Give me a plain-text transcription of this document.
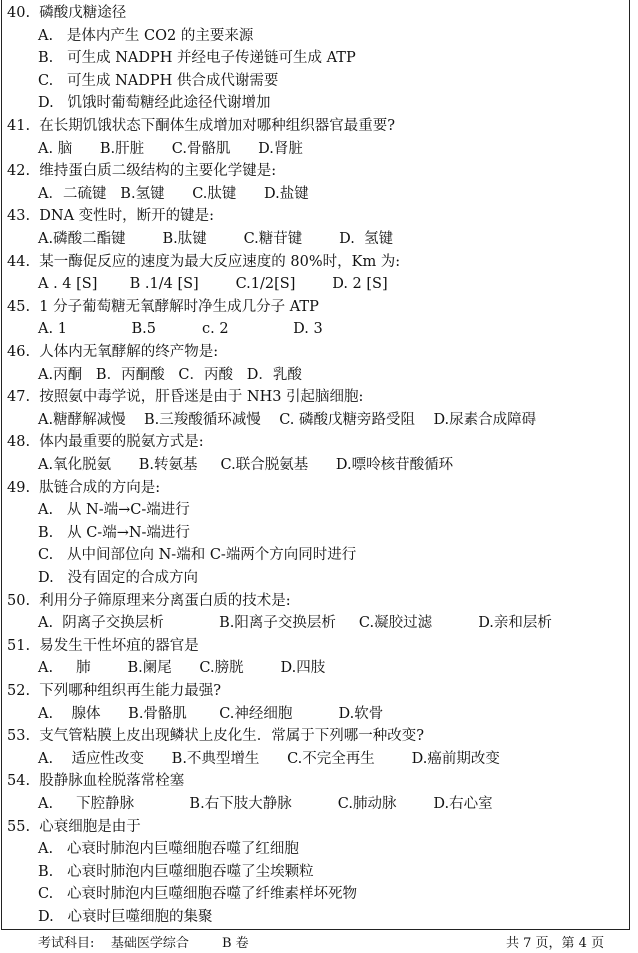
40.  磷酸戊糖途径
A.   是体内产生 CO2 的主要来源
B.   可生成 NADPH 并经电子传递链可生成 ATP
C.   可生成 NADPH 供合成代谢需要
D.   饥饿时葡萄糖经此途径代谢增加
41.  在长期饥饿状态下酮体生成增加对哪种组织器官最重要?
A. 脑      B.肝脏      C.骨骼肌      D.肾脏
42.  维持蛋白质二级结构的主要化学键是:
A．二硫键   B.氢键      C.肽键      D.盐键
43.  DNA 变性时，断开的键是:
A.磷酸二酯键        B.肽键        C.糖苷键        D.  氢键
44.  某一酶促反应的速度为最大反应速度的 80%时，Km 为:
A . 4 [S]       B .1/4 [S]        C.1/2[S]        D. 2 [S]
45.  1 分子葡萄糖无氧酵解时净生成几分子 ATP
A. 1              B.5          c. 2              D. 3
46.  人体内无氧酵解的终产物是:
A.丙酮   B．丙酮酸   C．丙酸   D．乳酸
47.  按照氨中毒学说，肝昏迷是由于 NH3 引起脑细胞:
A.糖酵解减慢    B.三羧酸循环减慢    C. 磷酸戊糖旁路受阻    D.尿素合成障碍
48.  体内最重要的脱氨方式是:
A.氧化脱氨      B.转氨基     C.联合脱氨基      D.嘌呤核苷酸循环
49.  肽链合成的方向是:
A.   从 N-端→C-端进行
B.   从 C-端→N-端进行
C.   从中间部位向 N-端和 C-端两个方向同时进行
D.   没有固定的合成方向
50.  利用分子筛原理来分离蛋白质的技术是:
A.  阴离子交换层析            B.阳离子交换层析     C.凝胶过滤          D.亲和层析
51.  易发生干性坏疽的器官是
A.     肺        B.阑尾      C.膀胱        D.四肢
52.  下列哪种组织再生能力最强?
A.    腺体      B.骨骼肌       C.神经细胞          D.软骨
53.  支气管粘膜上皮出现鳞状上皮化生．常属于下列哪一种改变?
A.    适应性改变      B.不典型增生      C.不完全再生        D.癌前期改变
54.  股静脉血栓脱落常栓塞
A.     下腔静脉            B.右下肢大静脉          C.肺动脉        D.右心室
55.  心衰细胞是由于
A.   心衰时肺泡内巨噬细胞吞噬了红细胞
B.   心衰时肺泡内巨噬细胞吞噬了尘埃颗粒
C.   心衰时肺泡内巨噬细胞吞噬了纤维素样坏死物
D.   心衰时巨噬细胞的集聚
考试科目:    基础医学综合        B 卷	共 7 页，第 4 页
